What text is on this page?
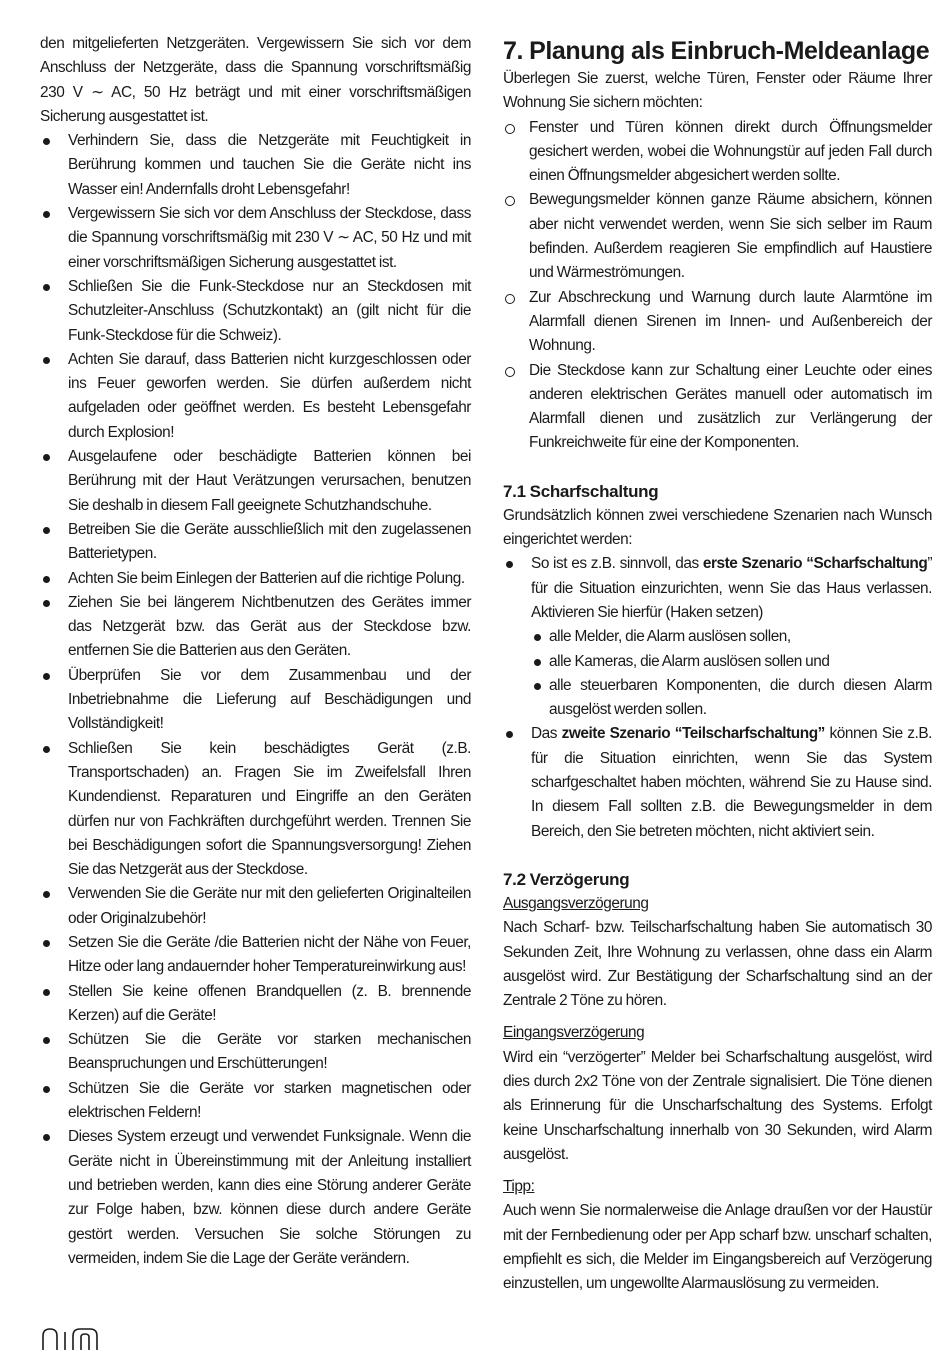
den mitgelieferten Netzgeräten. Vergewissern Sie sich vor dem Anschluss der Netzgeräte, dass die Spannung vorschriftsmäßig 230 V ∼ AC, 50 Hz beträgt und mit einer vorschriftsmäßigen Sicherung ausgestattet ist.

Verhindern Sie, dass die Netzgeräte mit Feuchtigkeit in Berührung kommen und tauchen Sie die Geräte nicht ins Wasser ein! Andernfalls droht Lebensgefahr!
Vergewissern Sie sich vor dem Anschluss der Steckdose, dass die Spannung vorschriftsmäßig mit 230 V ∼ AC, 50 Hz und mit einer vorschriftsmäßigen Sicherung ausgestattet ist.
Schließen Sie die Funk-Steckdose nur an Steckdosen mit Schutzleiter-Anschluss (Schutzkontakt) an (gilt nicht für die Funk-Steckdose für die Schweiz).
Achten Sie darauf, dass Batterien nicht kurzgeschlossen oder ins Feuer geworfen werden. Sie dürfen außerdem nicht aufgeladen oder geöffnet werden. Es besteht Lebensgefahr durch Explosion!
Ausgelaufene oder beschädigte Batterien können bei Berührung mit der Haut Verätzungen verursachen, benutzen Sie deshalb in diesem Fall geeignete Schutzhandschuhe.
Betreiben Sie die Geräte ausschließlich mit den zugelassenen Batterietypen.
Achten Sie beim Einlegen der Batterien auf die richtige Polung.
Ziehen Sie bei längerem Nichtbenutzen des Gerätes immer das Netzgerät bzw. das Gerät aus der Steckdose bzw. entfernen Sie die Batterien aus den Geräten.
Überprüfen Sie vor dem Zusammenbau und der Inbetriebnahme die Lieferung auf Beschädigungen und Vollständigkeit!
Schließen Sie kein beschädigtes Gerät (z.B. Transportschaden) an. Fragen Sie im Zweifelsfall Ihren Kundendienst. Reparaturen und Eingriffe an den Geräten dürfen nur von Fachkräften durchgeführt werden. Trennen Sie bei Beschädigungen sofort die Spannungsversorgung! Ziehen Sie das Netzgerät aus der Steckdose.
Verwenden Sie die Geräte nur mit den gelieferten Originalteilen oder Originalzubehör!
Setzen Sie die Geräte /die Batterien nicht der Nähe von Feuer, Hitze oder lang andauernder hoher Temperatureinwirkung aus!
Stellen Sie keine offenen Brandquellen (z. B. brennende Kerzen) auf die Geräte!
Schützen Sie die Geräte vor starken mechanischen Beanspruchungen und Erschütterungen!
Schützen Sie die Geräte vor starken magnetischen oder elektrischen Feldern!
Dieses System erzeugt und verwendet Funksignale. Wenn die Geräte nicht in Übereinstimmung mit der Anleitung installiert und betrieben werden, kann dies eine Störung anderer Geräte zur Folge haben, bzw. können diese durch andere Geräte gestört werden. Versuchen Sie solche Störungen zu vermeiden, indem Sie die Lage der Geräte verändern.
7. Planung als Einbruch-Meldeanlage

Überlegen Sie zuerst, welche Türen, Fenster oder Räume Ihrer Wohnung Sie sichern möchten:

Fenster und Türen können direkt durch Öffnungsmelder gesichert werden, wobei die Wohnungstür auf jeden Fall durch einen Öffnungsmelder abgesichert werden sollte.
Bewegungsmelder können ganze Räume absichern, können aber nicht verwendet werden, wenn Sie sich selber im Raum befinden. Außerdem reagieren Sie empfindlich auf Haustiere und Wärmeströmungen.
Zur Abschreckung und Warnung durch laute Alarmtöne im Alarmfall dienen Sirenen im Innen- und Außenbereich der Wohnung.
Die Steckdose kann zur Schaltung einer Leuchte oder eines anderen elektrischen Gerätes manuell oder automatisch im Alarmfall dienen und zusätzlich zur Verlängerung der Funkreichweite für eine der Komponenten.
7.1 Scharfschaltung

Grundsätzlich können zwei verschiedene Szenarien nach Wunsch eingerichtet werden:

So ist es z.B. sinnvoll, das erste Szenario “Scharfschaltung” für die Situation einzurichten, wenn Sie das Haus verlassen. Aktivieren Sie hierfür (Haken setzen)
alle Melder, die Alarm auslösen sollen,
alle Kameras, die Alarm auslösen sollen und
alle steuerbaren Komponenten, die durch diesen Alarm ausgelöst werden sollen.
Das zweite Szenario “Teilscharfschaltung” können Sie z.B. für die Situation einrichten, wenn Sie das System scharfgeschaltet haben möchten, während Sie zu Hause sind. In diesem Fall sollten z.B. die Bewegungsmelder in dem Bereich, den Sie betreten möchten, nicht aktiviert sein.
7.2 Verzögerung
Ausgangsverzögerung

Nach Scharf- bzw. Teilscharfschaltung haben Sie automatisch 30 Sekunden Zeit, Ihre Wohnung zu verlassen, ohne dass ein Alarm ausgelöst wird. Zur Bestätigung der Scharfschaltung sind an der Zentrale 2 Töne zu hören.

Eingangsverzögerung

Wird ein “verzögerter” Melder bei Scharfschaltung ausgelöst, wird dies durch 2x2 Töne von der Zentrale signalisiert. Die Töne dienen als Erinnerung für die Unscharfschaltung des Systems. Erfolgt keine Unscharfschaltung innerhalb von 30 Sekunden, wird Alarm ausgelöst.

Tipp:

Auch wenn Sie normalerweise die Anlage draußen vor der Haustür mit der Fernbedienung oder per App scharf bzw. unscharf schalten, empfiehlt es sich, die Melder im Eingangsbereich auf Verzögerung einzustellen, um ungewollte Alarmauslösung zu vermeiden.
